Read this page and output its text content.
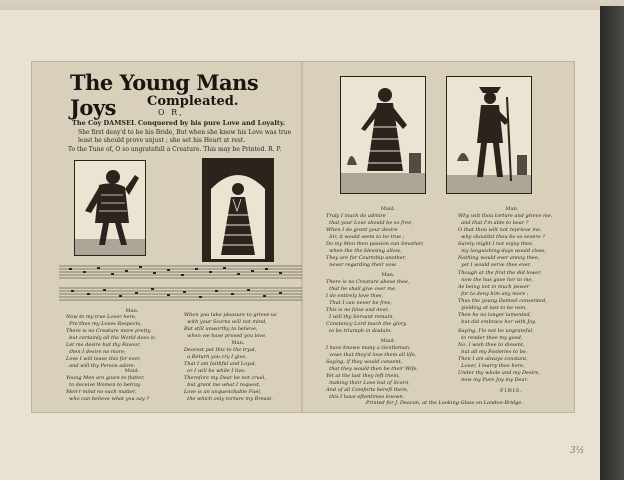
The Young Mans Joys	Compleated.
O R,
The Coy DAMSEL Conquered by his pure Love and Loyalty.
She first deny'd to be his Bride, But when she knew his Love was true
least he should prove unjust ; she set his Heart at rest.
To the Tune of, O so ungratefull a Creature. This may be Printed. R. P.
Man.
Now to my true Lover here,
Pre'thee my Loves Respects,
There is no Creature more pretty,
but certainly all the World does it;
Let me desire but thy Favour,
then I desire no more;
Love I will leave this for ever,
and will thy Person adore.
Maid.
Young Men are given to flatter,
to deceive Women to betray,
Men'r mind no such matter,
who can believe what you say ?
When you take pleasure to grieve us
with your Scorns will not mind,
But still unworthy to believe,
when we have proved you love.
Man.
Dearest put this to the tryal,
a Return you cry I give,
That I am faithful and Loyal,
or I will be while I live:
Therefore my Dear be not cruel,
but grant me what I request,
Love is an unquenchable Fuel,
the which only torture my Breast.
Maid.
Truly I much do admire
that your Love should be so free,
When I do grant your desire
Sir, it would seem to be true ;
Do my Men then passion can Smother,
when the the blessing allow,
They are for Courtship another,
never regarding their vow.
Man.
There is no Creature above thee,
that he shall give over me,
I do entirely love thee,
That I can never be free,
This is no false and dear,
I will thy Servant remain,
Constancy Lord teach the glory,
to be triumph in disdain.
Maid.
I have known many a Gentleman,
vows that they'd love them all life,
Saying, if they would consent,
that they would then be their Wife,
Yet at the last they left them,
making their Love but of Scorn,
And of all Comforts bereft them,
this I have oftentimes known.
Man.
Why wilt thou torture and grieve me,
and that I'm able to bear ?
O that thou wilt not reprieve me,
why shouldst thou be so severe ?
Surely might I not enjoy thee,
my languishing days would close,
Nothing would ever annoy thee,
yet I would serve thee ever.
Though at the first the did lower,
now the has gave her to me,
As being not in much power
for to deny him any more :
Thus the young Damsel consented,
yielding at last to be won,
Then he no longer lamented,
but did embrace her with Joy.
Saying, I'le not be ungrateful,
to render thee my good,
No, I wish thee to dissent,
but all my Fooleries to be,
Then I am alwaye constant,
Lover, I marry thee here,
Under thy whole and my Desire,
now my Pure Joy my Dear.
FINIS.
Printed for J. Deacon, at the Looking-Glass on London-Bridge.
3½
